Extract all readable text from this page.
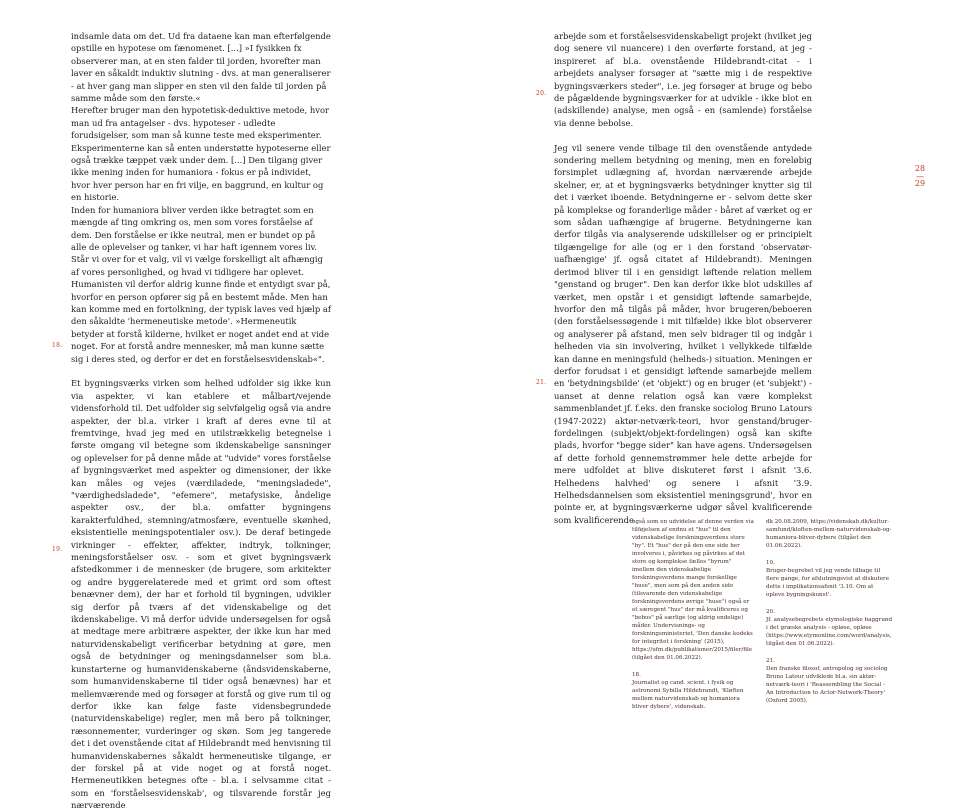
indsamle data om det. Ud fra dataene kan man efterfølgende opstille en hypotese om fænomenet. [...] »I fysikken fx observerer man, at en sten falder til jorden, hvorefter man laver en såkaldt induktiv slutning - dvs. at man generaliserer - at hver gang man slipper en sten vil den falde til jorden på samme måde som den første.«

Herefter bruger man den hypotetisk-deduktive metode, hvor man ud fra antagelser - dvs. hypoteser - udledte forudsigelser, som man så kunne teste med eksperimenter.

Eksperimenterne kan så enten understøtte hypoteserne eller også trække tæppet væk under dem. [...] Den tilgang giver ikke mening inden for humaniora - fokus er på individet, hvor hver person har en fri vilje, en baggrund, en kultur og en historie.

Inden for humaniora bliver verden ikke betragtet som en mængde af ting omkring os, men som vores forståelse af dem. Den forståelse er ikke neutral, men er bundet op på alle de oplevelser og tanker, vi har haft igennem vores liv. Står vi over for et valg, vil vi vælge forskelligt alt afhængig af vores personlighed, og hvad vi tidligere har oplevet. Humanisten vil derfor aldrig kunne finde et entydigt svar på, hvorfor en person opfører sig på en bestemt måde. Men han kan komme med en fortolkning, der typisk laves ved hjælp af den såkaldte 'hermeneutiske metode'. »Hermeneutik betyder at forstå kilderne, hvilket er noget andet end at vide noget. For at forstå andre mennesker, må man kunne sætte sig i deres sted, og derfor er det en forståelsesvidenskab«".

Et bygningsværks virken som helhed udfolder sig ikke kun via aspekter, vi kan etablere et målbart/vejende vidensforhold til. Det udfolder sig selvfølgelig også via andre aspekter, der bl.a. virker i kraft af deres evne til at fremtvinge, hvad jeg med en utilstrækkelig betegnelse i første omgang vil betegne som ikdenskabelige sansninger og oplevelser for på denne måde at "udvide" vores forståelse af bygningsværket med aspekter og dimensioner, der ikke kan måles og vejes (værdiladede, "meningsladede", "værdighedsladede", "efemere", metafysiske, åndelige aspekter osv., der bl.a. omfatter bygningens karakterfuldhed, stemning/atmosfære, eventuelle skønhed, eksistentielle meningspotentialer osv.). De deraf betingede virkninger - effekter, affekter, indtryk, tolkninger, meningsforståelser osv. - som et givet bygningsværk afstedkommer i de mennesker (de brugere, som arkitekter og andre byggerelaterede med et grimt ord som oftest benævner dem), der har et forhold til bygningen, udvikler sig derfor på tværs af det videnskabelige og det ikdenskabelige. Vi må derfor udvide undersøgelsen for også at medtage mere arbitrære aspekter, der ikke kun har med naturvidenskabeligt verificerbar betydning at gøre, men også de betydninger og meningsdannelser som bl.a. kunstarterne og humanvidenskaberne (åndsvidenskaberne, som humanvidenskaberne til tider også benævnes) har et mellemværende med og forsøger at forstå og give rum til og derfor ikke kan følge faste vidensbegrundede (naturvidenskabelige) regler, men må bero på tolkninger, ræsonnementer, vurderinger og skøn. Som jeg tangerede det i det ovenstående citat af Hildebrandt med henvisning til humanvidenskabernes såkaldt hermeneutiske tilgange, er der forskel på at vide noget og at forstå noget. Hermeneutikken betegnes ofte - bl.a. i selvsamme citat - som en 'forståelsesvidenskab', og tilsvarende forstår jeg nærværende

18.
19.

arbejde som et forståelsesvidenskabeligt projekt (hvilket jeg dog senere vil nuancere) i den overførte forstand, at jeg - inspireret af bl.a. ovenstående Hildebrandt-citat - i arbejdets analyser forsøger at "sætte mig i de respektive bygningsværkers steder", i.e. jeg forsøger at bruge og bebo de pågældende bygningsværker for at udvikle - ikke blot en (adskillende) analyse, men også - en (samlende) forståelse via denne bebolse.

Jeg vil senere vende tilbage til den ovenstående antydede sondering mellem betydning og mening, men en foreløbig forsimplet udlægning af, hvordan nærværende arbejde skelner, er, at et bygningsværks betydninger knytter sig til det i værket iboende. Betydningerne er - selvom dette sker på komplekse og foranderlige måder - båret af værket og er som sådan uafhængige af brugerne. Betydningerne kan derfor tilgås via analyserende udskillelser og er principielt tilgængelige for alle (og er i den forstand 'observatør-uafhængige' jf. også citatet af Hildebrandt). Meningen derimod bliver til i en gensidigt løftende relation mellem "genstand og bruger". Den kan derfor ikke blot udskilles af værket, men opstår i et gensidigt løftende samarbejde, hvorfor den må tilgås på måder, hvor brugeren/beboeren (den forståelsessøgende i mit tilfælde) ikke blot observerer og analyserer på afstand, men selv bidrager til og indgår i helheden via sin involvering, hvilket i vellykkede tilfælde kan danne en meningsfuld (helheds-) situation. Meningen er derfor forudsat i et gensidigt løftende samarbejde mellem en 'betydningsbilde' (et 'objekt') og en bruger (et 'subjekt') - uanset at denne relation også kan være komplekst sammenblandet jf. f.eks. den franske sociolog Bruno Latours (1947-2022) aktør-netværk-teori, hvor genstand/bruger-fordelingen (subjekt/objekt-fordelingen) også kan skifte plads, hvorfor "begge sider" kan have agens. Undersøgelsen af dette forhold gennemstrømmer hele dette arbejde for mere udfoldet at blive diskuteret først i afsnit '3.6. Helhedens halvhed' og senere i afsnit '3.9. Helhedsdannelsen som eksistentiel meningsgrund', hvor en pointe er, at bygningsværkerne udgør såvel kvalificerende som kvalificerende

20.
21.
28
—
29

også som en udvidelse af denne verden via tilføjelsen af endnu et "hus" til den videnskabelige forskningsverdens store "by". Et "hus" der på den ene side her involveres i, påvirkes og påvirkes af det store og komplekse fælles "byrum" imellem den videnskabelige forskningsverdens mange forskellige "huse", men som på den anden side (tilsvarende den videnskabelige forskningsverdens øvrige "huse") også er et særegent "hus" der må kvalificeres og "bebos" på særlige (og aldrig endelige) måder. Undervisnings- og forskningsministeriet, 'Den danske kodeks for integritet i forskning' (2015), https://ufm.dk/publikationer/2015/filer/file (tilgået den 01.06.2022).

18.
Journalist og cand. scient. i fysik og astronomi Sybilla Hildebrandt, 'Kløften mellem naturvidenskab og humaniora bliver dybere', videnskab.

dk 20.08.2009, https://videnskab.dk/kultur-samfund/kloften-mellem-naturvidenskab-og-humaniora-bliver-dybere (tilgået den 01.06.2022).

19.
Bruger-begrebet vil jeg vende tilbage til flere gange, for afslutningsvist at diskutere dette i implikationsafsnit '3.10. Om at opleve bygningskunst'.
20.
Jf. analysebegrebets etymologiske baggrund i det græske analysis - opløse, opløse (https://www.etymonline.com/word/analysis, tilgået den 01.06.2022).
21.
Den franske filosof, antropolog og sociolog Bruno Latour udviklede bl.a. sin aktør-netværk-teori i 'Reassembling the Social - An Introduction to Actor-Network-Theory' (Oxford 2005).
